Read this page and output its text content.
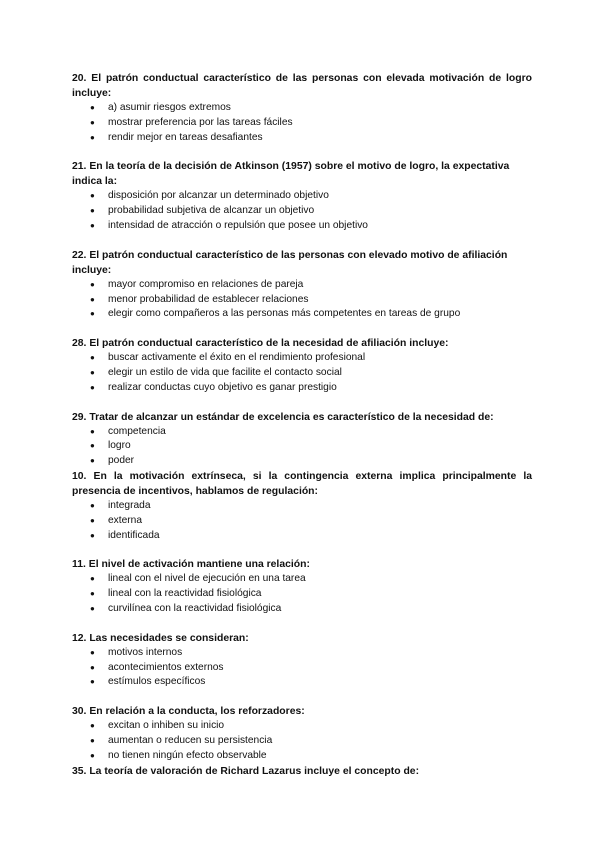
20. El patrón conductual característico de las personas con elevada motivación de logro incluye:

● a) asumir riesgos extremos
● mostrar preferencia por las tareas fáciles
● rendir mejor en tareas desafiantes

21. En la teoría de la decisión de Atkinson (1957) sobre el motivo de logro, la expectativa indica la:

● disposición por alcanzar un determinado objetivo
● probabilidad subjetiva de alcanzar un objetivo
● intensidad de atracción o repulsión que posee un objetivo

22. El patrón conductual característico de las personas con elevado motivo de afiliación incluye:

● mayor compromiso en relaciones de pareja
● menor probabilidad de establecer relaciones
● elegir como compañeros a las personas más competentes en tareas de grupo

28. El patrón conductual característico de la necesidad de afiliación incluye:

● buscar activamente el éxito en el rendimiento profesional
● elegir un estilo de vida que facilite el contacto social
● realizar conductas cuyo objetivo es ganar prestigio

29. Tratar de alcanzar un estándar de excelencia es característico de la necesidad de:

● competencia
● logro
● poder

10. En la motivación extrínseca, si la contingencia externa implica principalmente la presencia de incentivos, hablamos de regulación:

● integrada
● externa
● identificada

11. El nivel de activación mantiene una relación:

● lineal con el nivel de ejecución en una tarea
● lineal con la reactividad fisiológica
● curvilínea con la reactividad fisiológica

12. Las necesidades se consideran:

● motivos internos
● acontecimientos externos
● estímulos específicos

30. En relación a la conducta, los reforzadores:

● excitan o inhiben su inicio
● aumentan o reducen su persistencia
● no tienen ningún efecto observable

35. La teoría de valoración de Richard Lazarus incluye el concepto de:
